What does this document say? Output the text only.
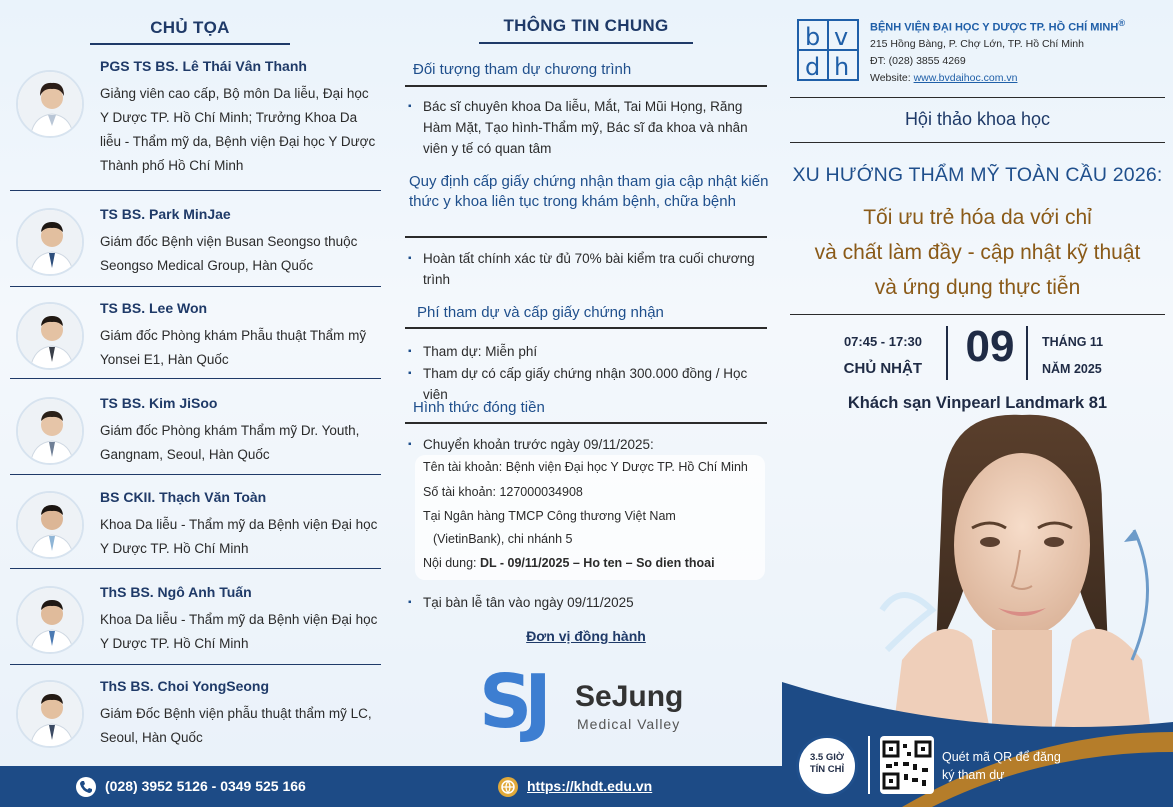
CHỦ TỌA
PGS TS BS. Lê Thái Vân Thanh
Giảng viên cao cấp, Bộ môn Da liễu, Đại học Y Dược TP. Hồ Chí Minh; Trưởng Khoa Da liễu - Thẩm mỹ da, Bệnh viện Đại học Y Dược Thành phố Hồ Chí Minh
TS BS. Park MinJae
Giám đốc Bệnh viện Busan Seongso thuộc Seongso Medical Group, Hàn Quốc
TS BS. Lee Won
Giám đốc Phòng khám Phẫu thuật Thẩm mỹ Yonsei E1, Hàn Quốc
TS BS. Kim JiSoo
Giám đốc Phòng khám Thẩm mỹ Dr. Youth, Gangnam, Seoul, Hàn Quốc
BS CKII. Thạch Văn Toàn
Khoa Da liễu - Thẩm mỹ da Bệnh viện Đại học Y Dược TP. Hồ Chí Minh
ThS BS. Ngô Anh Tuấn
Khoa Da liễu - Thẩm mỹ da Bệnh viện Đại học Y Dược TP. Hồ Chí Minh
ThS BS. Choi YongSeong
Giám Đốc Bệnh viện phẫu thuật thẩm mỹ LC, Seoul, Hàn Quốc
THÔNG TIN CHUNG
Đối tượng tham dự chương trình
▪ Bác sĩ chuyên khoa Da liễu, Mắt, Tai Mũi Họng, Răng Hàm Mặt, Tạo hình-Thẩm mỹ, Bác sĩ đa khoa và nhân viên y tế có quan tâm
Quy định cấp giấy chứng nhận tham gia cập nhật kiến thức y khoa liên tục trong khám bệnh, chữa bệnh
▪ Hoàn tất chính xác từ đủ 70% bài kiểm tra cuối chương trình
Phí tham dự và cấp giấy chứng nhận
▪ Tham dự: Miễn phí
▪ Tham dự có cấp giấy chứng nhận 300.000 đồng / Học viên
Hình thức đóng tiền
▪ Chuyển khoản trước ngày 09/11/2025:
Tên tài khoản: Bệnh viện Đại học Y Dược TP. Hồ Chí Minh
Số tài khoản: 127000034908
Tại Ngân hàng TMCP Công thương Việt Nam
(VietinBank), chi nhánh 5
Nội dung: DL - 09/11/2025 – Ho ten – So dien thoai
▪ Tại bàn lễ tân vào ngày 09/11/2025
Đơn vị đồng hành
SJ SeJung
Medical Valley
b v
d h
BỆNH VIỆN ĐẠI HỌC Y DƯỢC TP. HỒ CHÍ MINH®
215 Hồng Bàng, P. Chợ Lớn, TP. Hồ Chí Minh
ĐT: (028) 3855 4269
Website: www.bvdaihoc.com.vn
Hội thảo khoa học
XU HƯỚNG THẨM MỸ TOÀN CẦU 2026:
Tối ưu trẻ hóa da với chỉ
và chất làm đầy - cập nhật kỹ thuật
và ứng dụng thực tiễn
07:45 - 17:30
CHỦ NHẬT 09	THÁNG 11
NĂM 2025
Khách sạn Vinpearl Landmark 81
3.5 GIỜ
TÍN CHỈ
Quét mã QR để đăng ký tham dự
(028) 3952 5126 - 0349 525 166	https://khdt.edu.vn
